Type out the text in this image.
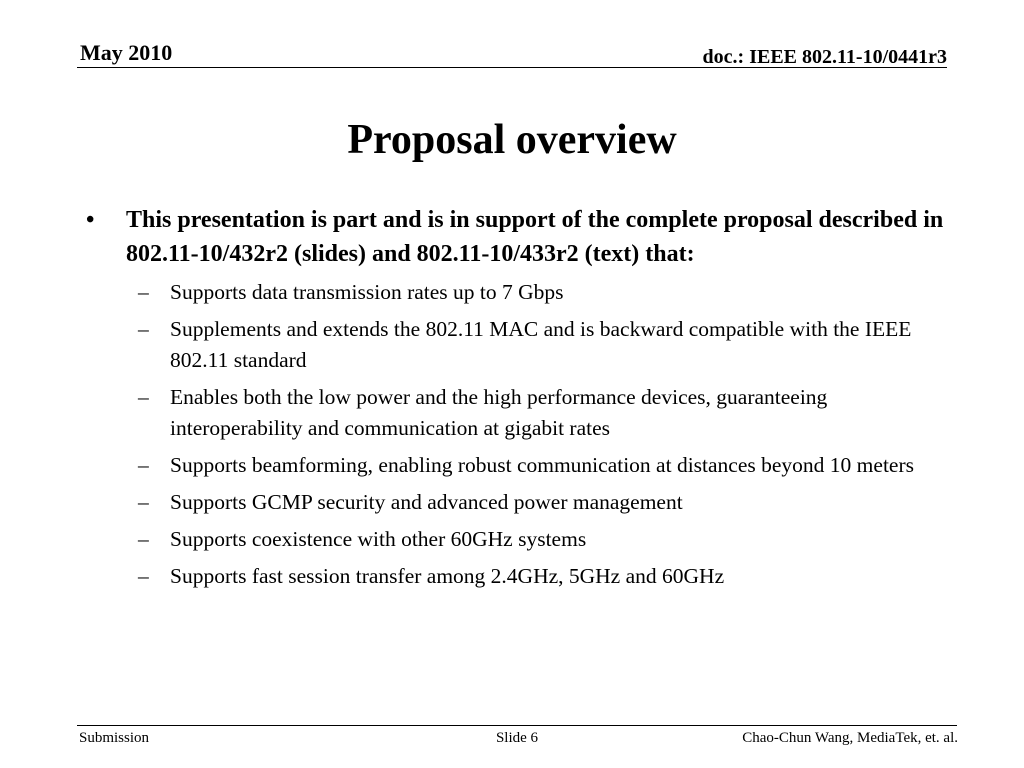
May 2010	doc.: IEEE 802.11-10/0441r3
Proposal overview
• This presentation is part and is in support of the complete proposal described in 802.11-10/432r2 (slides) and 802.11-10/433r2 (text) that:
– Supports data transmission rates up to 7 Gbps
– Supplements and extends the 802.11 MAC and is backward compatible with the IEEE 802.11 standard
– Enables both the low power and the high performance devices, guaranteeing interoperability and communication at gigabit rates
– Supports beamforming, enabling robust communication at distances beyond 10 meters
– Supports GCMP security and advanced power management
– Supports coexistence with other 60GHz systems
– Supports fast session transfer among 2.4GHz, 5GHz and 60GHz
Submission	Slide 6	Chao-Chun Wang, MediaTek, et. al.
